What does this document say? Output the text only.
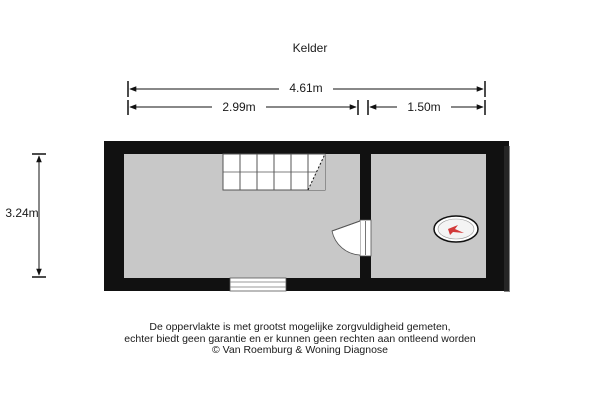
Kelder
4.61m
2.99m	1.50m
3.24m
De oppervlakte is met grootst mogelijke zorgvuldigheid gemeten,
echter biedt geen garantie en er kunnen geen rechten aan ontleend worden
© Van Roemburg & Woning Diagnose
